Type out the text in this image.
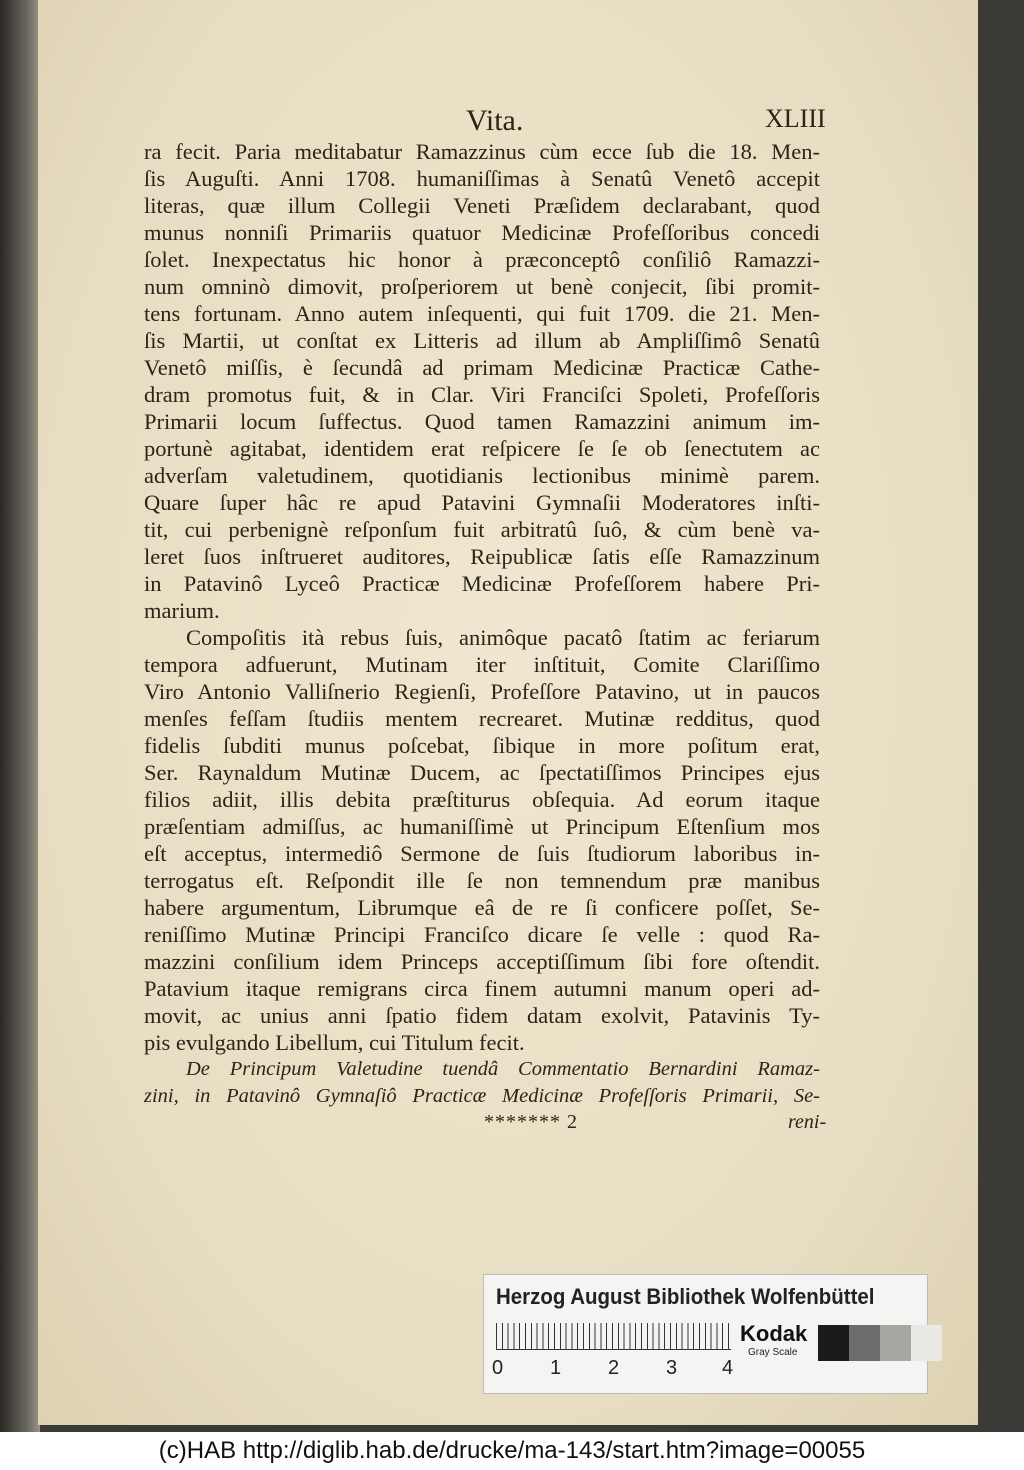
Vita.	XLIII
ra fecit. Paria meditabatur Ramazzinus cùm ecce ſub die 18. Men-
ſis Auguſti. Anni 1708. humaniſſimas à Senatû Venetô accepit
literas, quæ illum Collegii Veneti Præſidem declarabant, quod
munus nonniſi Primariis quatuor Medicinæ Profeſſoribus concedi
ſolet. Inexpectatus hic honor à præconceptô conſiliô Ramazzi-
num omninò dimovit, proſperiorem ut benè conjecit, ſibi promit-
tens fortunam. Anno autem inſequenti, qui fuit 1709. die 21. Men-
ſis Martii, ut conſtat ex Litteris ad illum ab Ampliſſimô Senatû
Venetô miſſis, è ſecundâ ad primam Medicinæ Practicæ Cathe-
dram promotus fuit, & in Clar. Viri Franciſci Spoleti, Profeſſoris
Primarii locum ſuffectus. Quod tamen Ramazzini animum im-
portunè agitabat, identidem erat reſpicere ſe ſe ob ſenectutem ac
adverſam valetudinem, quotidianis lectionibus minimè parem.
Quare ſuper hâc re apud Patavini Gymnaſii Moderatores inſti-
tit, cui perbenignè reſponſum fuit arbitratû ſuô, & cùm benè va-
leret ſuos inſtrueret auditores, Reipublicæ ſatis eſſe Ramazzinum
in Patavinô Lyceô Practicæ Medicinæ Profeſſorem habere Pri-
marium.
Compoſitis ità rebus ſuis, animôque pacatô ſtatim ac feriarum
tempora adfuerunt, Mutinam iter inſtituit, Comite Clariſſimo
Viro Antonio Valliſnerio Regienſi, Profeſſore Patavino, ut in paucos
menſes feſſam ſtudiis mentem recrearet. Mutinæ redditus, quod
fidelis ſubditi munus poſcebat, ſibique in more poſitum erat,
Ser. Raynaldum Mutinæ Ducem, ac ſpectatiſſimos Principes ejus
filios adiit, illis debita præſtiturus obſequia. Ad eorum itaque
præſentiam admiſſus, ac humaniſſimè ut Principum Eſtenſium mos
eſt acceptus, intermediô Sermone de ſuis ſtudiorum laboribus in-
terrogatus eſt. Reſpondit ille ſe non temnendum præ manibus
habere argumentum, Librumque eâ de re ſi conficere poſſet, Se-
reniſſimo Mutinæ Principi Franciſco dicare ſe velle : quod Ra-
mazzini conſilium idem Princeps acceptiſſimum ſibi fore oſtendit.
Patavium itaque remigrans circa finem autumni manum operi ad-
movit, ac unius anni ſpatio fidem datam exolvit, Patavinis Ty-
pis evulgando Libellum, cui Titulum fecit.
De Principum Valetudine tuendâ Commentatio Bernardini Ramaz-
zini, in Patavinô Gymnaſiô Practicæ Medicinæ Profeſſoris Primarii, Se-
******* 2	reni-
Herzog August Bibliothek Wolfenbüttel
0 1 2 3 4
Kodak
Gray Scale
(c)HAB http://diglib.hab.de/drucke/ma-143/start.htm?image=00055
